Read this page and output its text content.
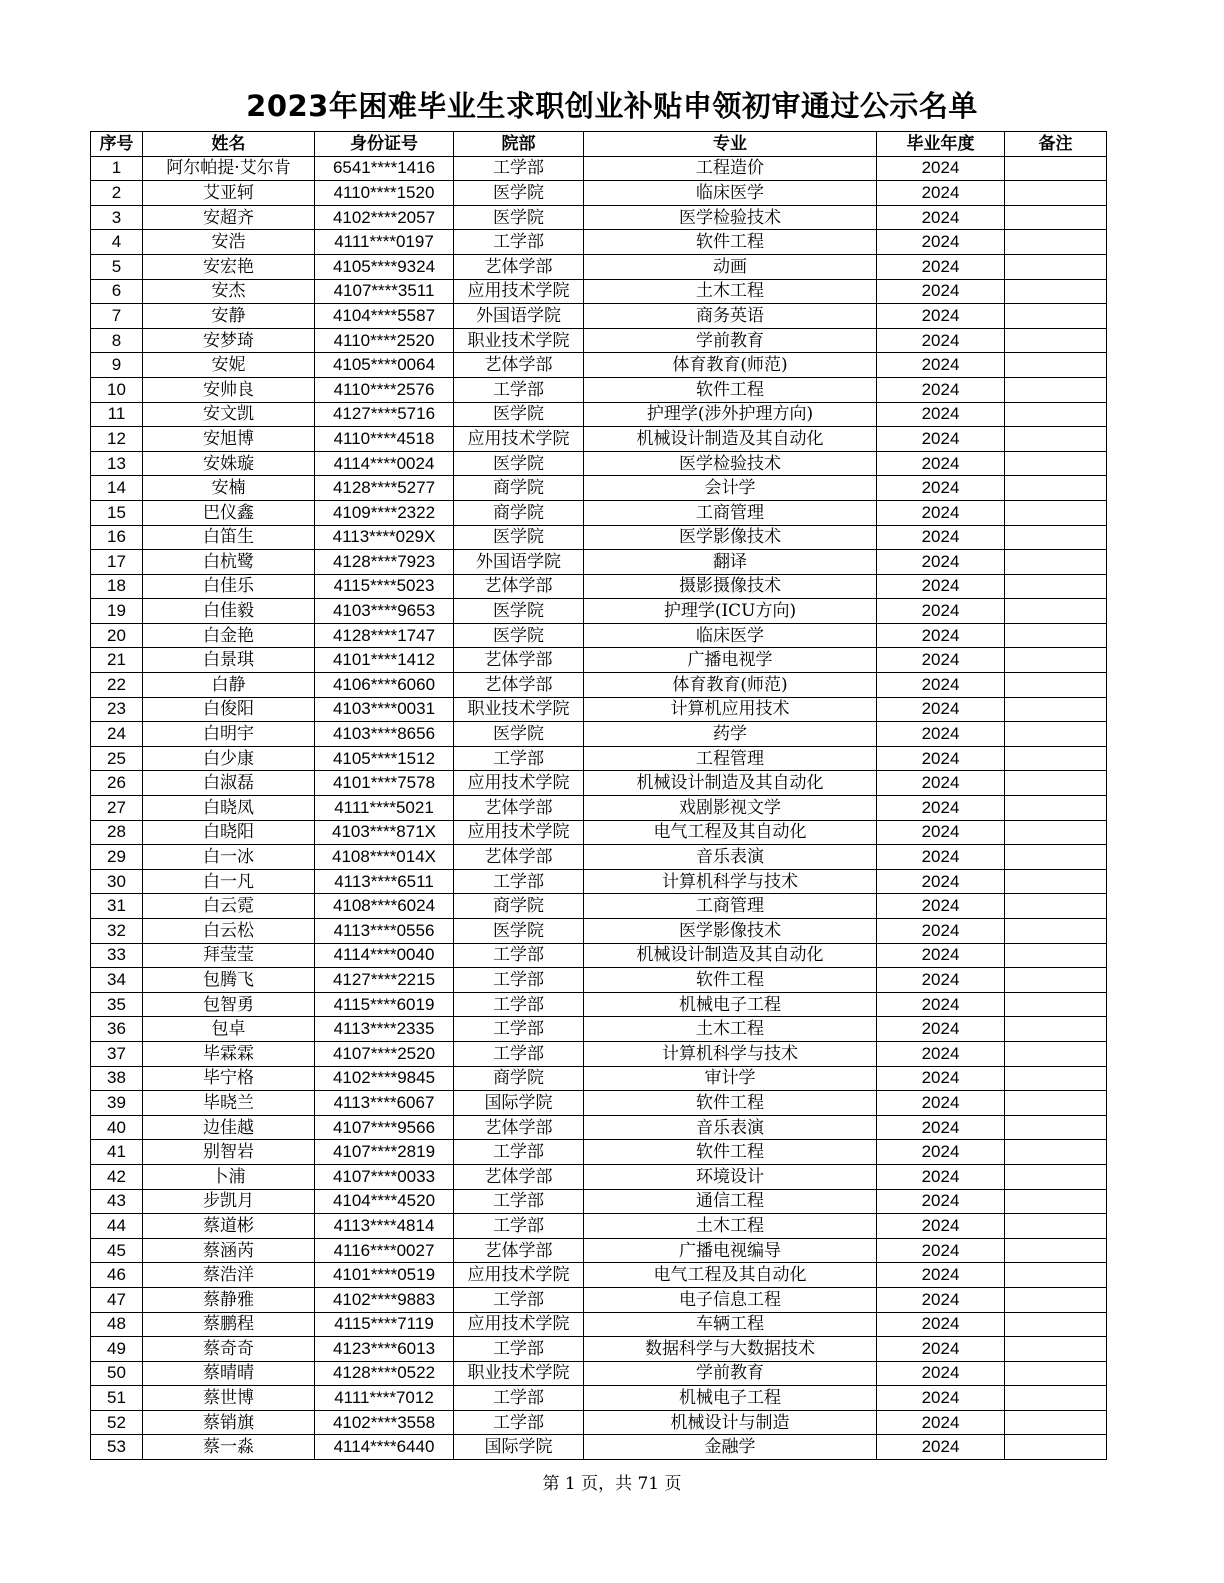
2023年困难毕业生求职创业补贴申领初审通过公示名单
序号	姓名	身份证号	院部	专业	毕业年度	备注
1	阿尔帕提·艾尔肯	6541****1416	工学部	工程造价	2024	
2	艾亚轲	4110****1520	医学院	临床医学	2024	
3	安超齐	4102****2057	医学院	医学检验技术	2024	
4	安浩	4111****0197	工学部	软件工程	2024	
5	安宏艳	4105****9324	艺体学部	动画	2024	
6	安杰	4107****3511	应用技术学院	土木工程	2024	
7	安静	4104****5587	外国语学院	商务英语	2024	
8	安梦琦	4110****2520	职业技术学院	学前教育	2024	
9	安妮	4105****0064	艺体学部	体育教育(师范)	2024	
10	安帅良	4110****2576	工学部	软件工程	2024	
11	安文凯	4127****5716	医学院	护理学(涉外护理方向)	2024	
12	安旭博	4110****4518	应用技术学院	机械设计制造及其自动化	2024	
13	安姝璇	4114****0024	医学院	医学检验技术	2024	
14	安楠	4128****5277	商学院	会计学	2024	
15	巴仪鑫	4109****2322	商学院	工商管理	2024	
16	白笛生	4113****029X	医学院	医学影像技术	2024	
17	白杭鹭	4128****7923	外国语学院	翻译	2024	
18	白佳乐	4115****5023	艺体学部	摄影摄像技术	2024	
19	白佳毅	4103****9653	医学院	护理学(ICU方向)	2024	
20	白金艳	4128****1747	医学院	临床医学	2024	
21	白景琪	4101****1412	艺体学部	广播电视学	2024	
22	白静	4106****6060	艺体学部	体育教育(师范)	2024	
23	白俊阳	4103****0031	职业技术学院	计算机应用技术	2024	
24	白明宇	4103****8656	医学院	药学	2024	
25	白少康	4105****1512	工学部	工程管理	2024	
26	白淑磊	4101****7578	应用技术学院	机械设计制造及其自动化	2024	
27	白晓凤	4111****5021	艺体学部	戏剧影视文学	2024	
28	白晓阳	4103****871X	应用技术学院	电气工程及其自动化	2024	
29	白一冰	4108****014X	艺体学部	音乐表演	2024	
30	白一凡	4113****6511	工学部	计算机科学与技术	2024	
31	白云霓	4108****6024	商学院	工商管理	2024	
32	白云松	4113****0556	医学院	医学影像技术	2024	
33	拜莹莹	4114****0040	工学部	机械设计制造及其自动化	2024	
34	包腾飞	4127****2215	工学部	软件工程	2024	
35	包智勇	4115****6019	工学部	机械电子工程	2024	
36	包卓	4113****2335	工学部	土木工程	2024	
37	毕霖霖	4107****2520	工学部	计算机科学与技术	2024	
38	毕宁格	4102****9845	商学院	审计学	2024	
39	毕晓兰	4113****6067	国际学院	软件工程	2024	
40	边佳越	4107****9566	艺体学部	音乐表演	2024	
41	别智岩	4107****2819	工学部	软件工程	2024	
42	卜浦	4107****0033	艺体学部	环境设计	2024	
43	步凯月	4104****4520	工学部	通信工程	2024	
44	蔡道彬	4113****4814	工学部	土木工程	2024	
45	蔡涵芮	4116****0027	艺体学部	广播电视编导	2024	
46	蔡浩洋	4101****0519	应用技术学院	电气工程及其自动化	2024	
47	蔡静雅	4102****9883	工学部	电子信息工程	2024	
48	蔡鹏程	4115****7119	应用技术学院	车辆工程	2024	
49	蔡奇奇	4123****6013	工学部	数据科学与大数据技术	2024	
50	蔡晴晴	4128****0522	职业技术学院	学前教育	2024	
51	蔡世博	4111****7012	工学部	机械电子工程	2024	
52	蔡销旗	4102****3558	工学部	机械设计与制造	2024	
53	蔡一淼	4114****6440	国际学院	金融学	2024	
第 1 页，共 71 页
